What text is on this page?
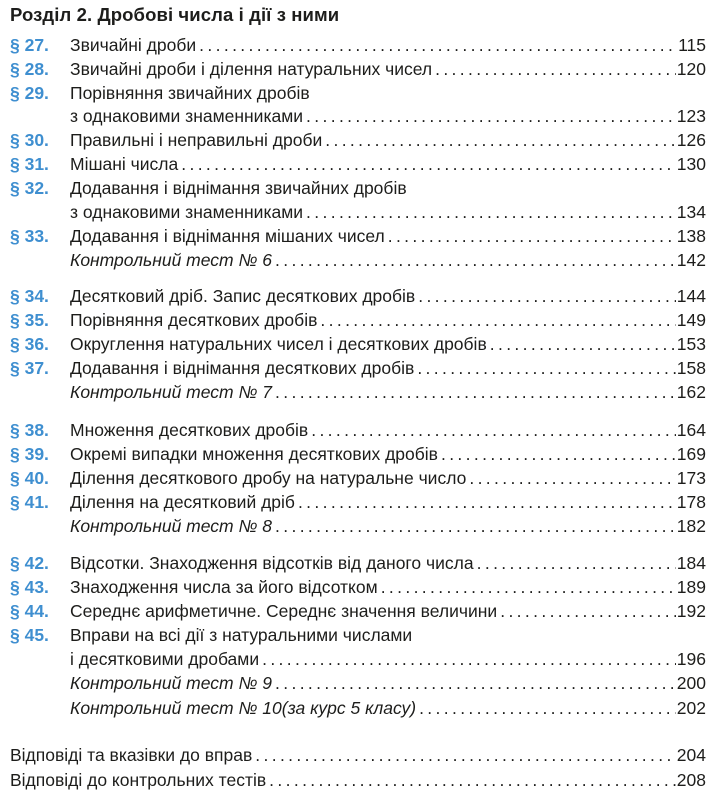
Розділ 2. Дробові числа і дії з ними
§ 27.	Звичайні дроби . . .	115
§ 28.	Звичайні дроби і ділення натуральних чисел . . .	120
§ 29.	Порівняння звичайних дробів
з однаковими знаменниками . . .	123
§ 30.	Правильні і неправильні дроби . . .	126
§ 31.	Мішані числа . . .	130
§ 32.	Додавання і віднімання звичайних дробів
з однаковими знаменниками . . .	134
§ 33.	Додавання і віднімання мішаних чисел . . .	138
Контрольний тест № 6 . . .	142
§ 34.	Десятковий дріб. Запис десяткових дробів . . .	144
§ 35.	Порівняння десяткових дробів . . .	149
§ 36.	Округлення натуральних чисел і десяткових дробів . . .	153
§ 37.	Додавання і віднімання десяткових дробів . . .	158
Контрольний тест № 7 . . .	162
§ 38.	Множення десяткових дробів . . .	164
§ 39.	Окремі випадки множення десяткових дробів . . .	169
§ 40.	Ділення десяткового дробу на натуральне число . . .	173
§ 41.	Ділення на десятковий дріб . . .	178
Контрольний тест № 8 . . .	182
§ 42.	Відсотки. Знаходження відсотків від даного числа . . .	184
§ 43.	Знаходження числа за його відсотком . . .	189
§ 44.	Середнє арифметичне. Середнє значення величини . . .	192
§ 45.	Вправи на всі дії з натуральними числами
і десятковими дробами . . .	196
Контрольний тест № 9 . . .	200
Контрольний тест № 10 (за курс 5 класу) . . .	202
Відповіді та вказівки до вправ . . .	204
Відповіді до контрольних тестів . . .	208
